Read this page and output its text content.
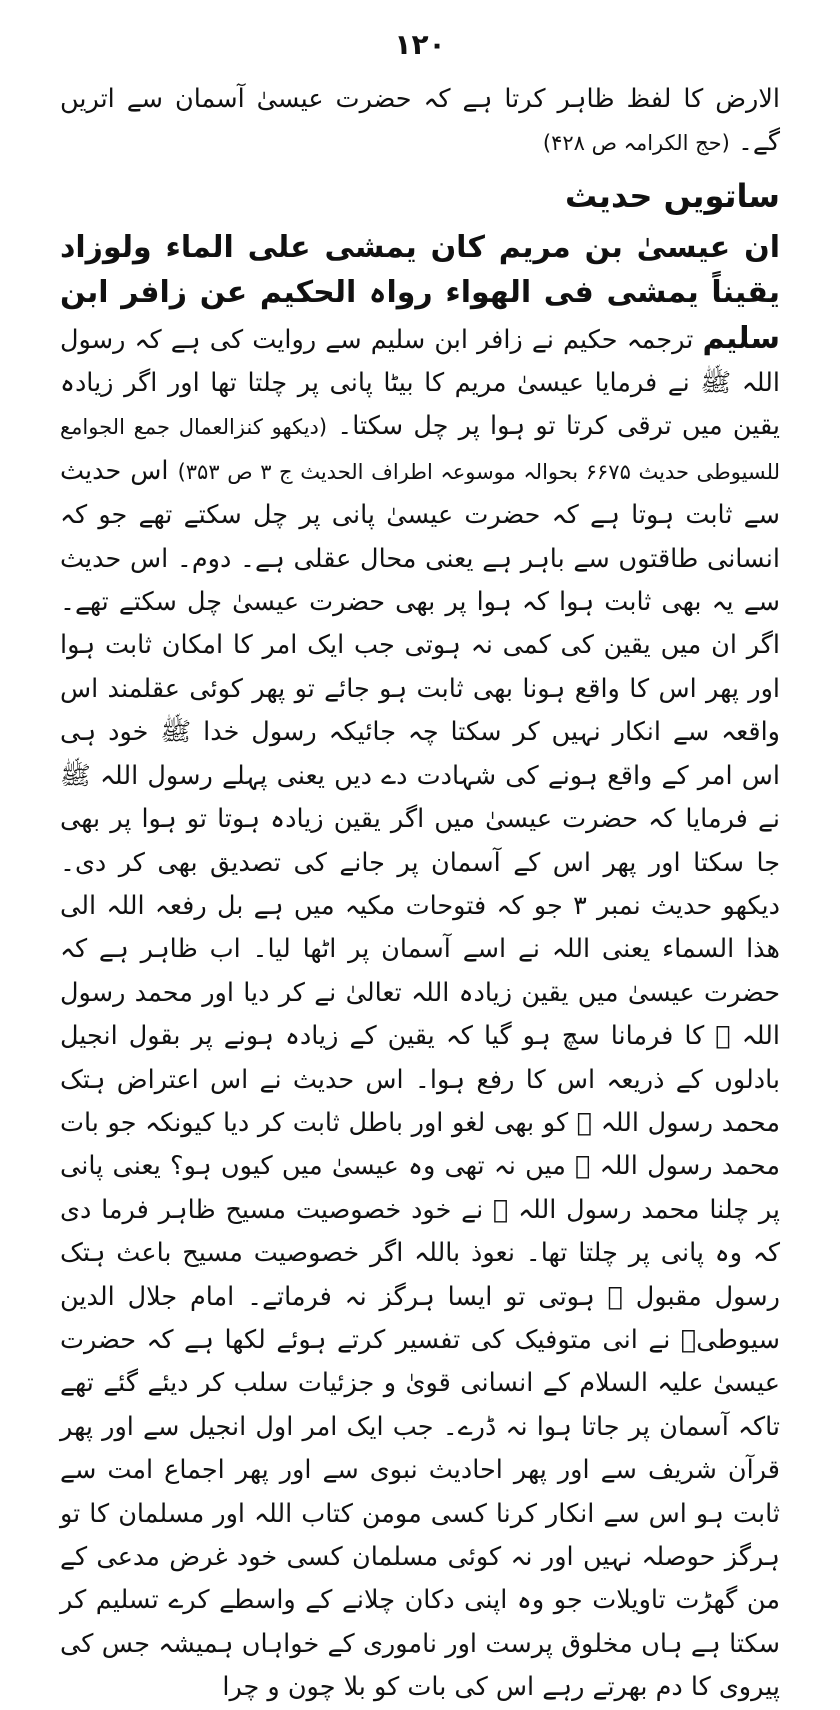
۱۲۰

الارض کا لفظ ظاہر کرتا ہے کہ حضرت عیسیٰ آسمان سے اتریں گے۔ (حج الکرامہ ص ۴۲۸)

ساتویں حدیث

ان عیسیٰ بن مریم کان یمشی علی الماء ولوزاد یقیناً یمشی فی الھواء رواہ الحکیم عن زافر ابن سلیم ترجمہ حکیم نے زافر ابن سلیم سے روایت کی ہے کہ رسول اللہ ﷺ نے فرمایا عیسیٰ مریم کا بیٹا پانی پر چلتا تھا اور اگر زیادہ یقین میں ترقی کرتا تو ہوا پر چل سکتا۔ (دیکھو کنزالعمال جمع الجوامع للسیوطی حدیث ۶۶۷۵ بحوالہ موسوعہ اطراف الحدیث ج ۳ ص ۳۵۳) اس حدیث سے ثابت ہوتا ہے کہ حضرت عیسیٰ پانی پر چل سکتے تھے جو کہ انسانی طاقتوں سے باہر ہے یعنی محال عقلی ہے۔ دوم۔ اس حدیث سے یہ بھی ثابت ہوا کہ ہوا پر بھی حضرت عیسیٰ چل سکتے تھے۔ اگر ان میں یقین کی کمی نہ ہوتی جب ایک امر کا امکان ثابت ہوا اور پھر اس کا واقع ہونا بھی ثابت ہو جائے تو پھر کوئی عقلمند اس واقعہ سے انکار نہیں کر سکتا چہ جائیکہ رسول خدا ﷺ خود ہی اس امر کے واقع ہونے کی شہادت دے دیں یعنی پہلے رسول اللہ ﷺ نے فرمایا کہ حضرت عیسیٰ میں اگر یقین زیادہ ہوتا تو ہوا پر بھی جا سکتا اور پھر اس کے آسمان پر جانے کی تصدیق بھی کر دی۔ دیکھو حدیث نمبر ۳ جو کہ فتوحات مکیہ میں ہے بل رفعہ اللہ الی ھذا السماء یعنی اللہ نے اسے آسمان پر اٹھا لیا۔ اب ظاہر ہے کہ حضرت عیسیٰ میں یقین زیادہ اللہ تعالیٰ نے کر دیا اور محمد رسول اللہ ﷺ کا فرمانا سچ ہو گیا کہ یقین کے زیادہ ہونے پر بقول انجیل بادلوں کے ذریعہ اس کا رفع ہوا۔ اس حدیث نے اس اعتراض ہتک محمد رسول اللہ ﷺ کو بھی لغو اور باطل ثابت کر دیا کیونکہ جو بات محمد رسول اللہ ﷺ میں نہ تھی وہ عیسیٰ میں کیوں ہو؟ یعنی پانی پر چلنا محمد رسول اللہ ﷺ نے خود خصوصیت مسیح ظاہر فرما دی کہ وہ پانی پر چلتا تھا۔ نعوذ باللہ اگر خصوصیت مسیح باعث ہتک رسول مقبول ﷺ ہوتی تو ایسا ہرگز نہ فرماتے۔ امام جلال الدین سیوطیؒ نے انی متوفیک کی تفسیر کرتے ہوئے لکھا ہے کہ حضرت عیسیٰ علیہ السلام کے انسانی قویٰ و جزئیات سلب کر دیئے گئے تھے تاکہ آسمان پر جاتا ہوا نہ ڈرے۔ جب ایک امر اول انجیل سے اور پھر قرآن شریف سے اور پھر احادیث نبوی سے اور پھر اجماع امت سے ثابت ہو اس سے انکار کرنا کسی مومن کتاب اللہ اور مسلمان کا تو ہرگز حوصلہ نہیں اور نہ کوئی مسلمان کسی خود غرض مدعی کے من گھڑت تاویلات جو وہ اپنی دکان چلانے کے واسطے کرے تسلیم کر سکتا ہے ہاں مخلوق پرست اور ناموری کے خواہاں ہمیشہ جس کی پیروی کا دم بھرتے رہے اس کی بات کو بلا چون و چرا
